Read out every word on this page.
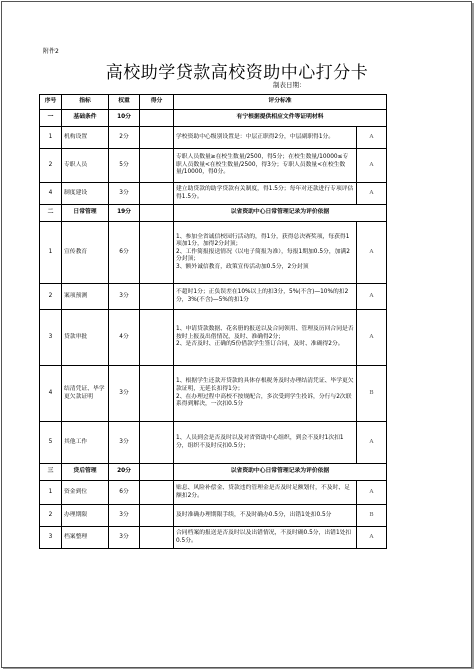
附件2
高校助学贷款高校资助中心打分卡
制表日期：
序号	指标	权重	得分	评分标准	
一	基础条件	10分		有宁根据提供相应文件等证明材料	
1	机构设置	2分		学校资助中心级别设置是：中层正职得2分，中层副职得1分。	A
2	专职人员	5分		专职人员数量≥在校生数量/2500，得5分；在校生数量/10000≤专职人员数量<在校生数量/2500，得3分；专职人员数量<在校生数量/10000，得0分。	A
4	制度建设	3分		建立助贷款的助学贷款有关制度，得1.5分；每年对还款进行专项评估得1.5分。	A
二	日常管理	19分		以省资助中心日常管理记录为评价依据	
1	宣传教育	6分		1、参加全省诚信校园行活动的，得1分，获得总决赛奖项，每获得1项加1分，加得2分封顶；
2、工作简报报送情况（以电子简报为准），每报1期加0.5分，加满2分封顶；
3、额外诚信教育，政策宣传活动加0.5分，2分封顶	A
2	案项预测	3分		不超时1分；正负误差在10%以上的扣3分，5%(不含)—10%的扣2分，3%(不含)—5%的扣1分	A
3	贷款审批	4分		1、申请贷款数据、花名册的报送以及合同领用、管理及历回合同是否按时上报及出借情况，及时、准确得2分；
2、是否及时、正确的5份借款学生签订合同，及时、准确得2分。	A
4	结清凭证、毕学更欠款证明	3分		1、根据学生还款开贷款的具体存根税务及时办理结清凭证、毕学更欠款证明，无延长扣得1分；
2、在办理过程中高校不按规配合，多次受到学生投诉，分行与2次联系得到解决，一次扣0.5分	B
5	其他工作	3分		1、人员到会是否及时以及对省资助中心组织，到会不及时1次扣1分，组织不及时反扣0.5分；	A
三	贷后管理	20分		以省资助中心日常管理记录为评价依据	
1	资金到位	6分		贴息、风险补偿金、贷款违约管理金是否及时足额划付，不及时、足额扣2分。	A
2	办理期限	3分		及时准确办理期限手续，不及时确办0.5分，出错1处扣0.5分	B
3	档案整理	3分		合同档案的报送是否及时以及出错情况，不及时确0.5分，出错1处扣0.5分。	A
